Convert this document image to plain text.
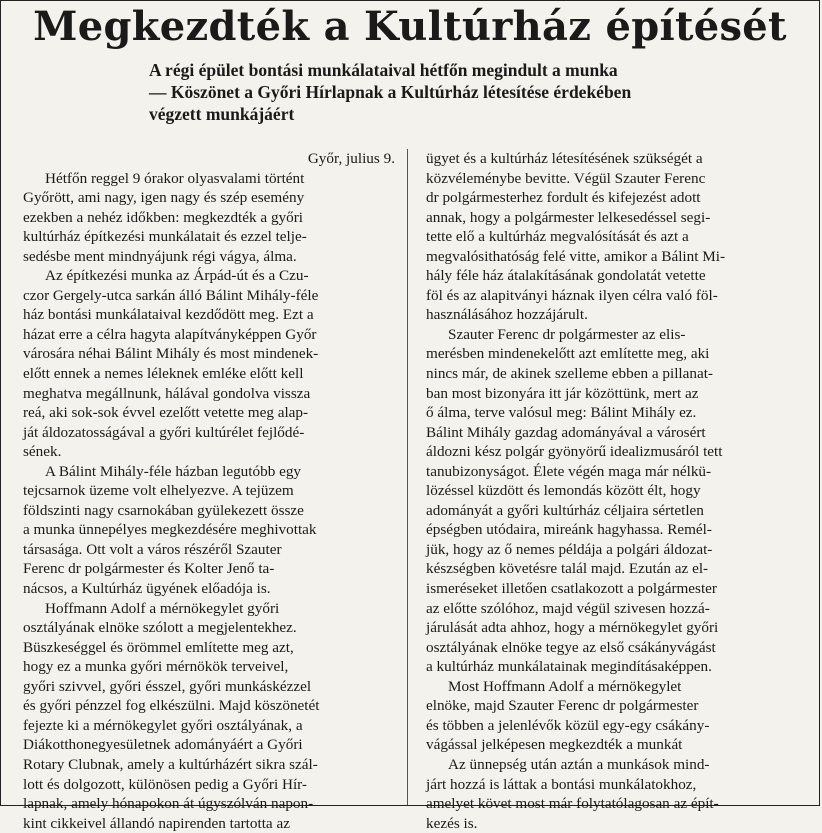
Megkezdték a Kultúrház építését
A régi épület bontási munkálataival hétfőn megindult a munka
— Köszönet a Győri Hírlapnak a Kultúrház létesítése érdekében
végzett munkájáért
Győr, julius 9.
Hétfőn reggel 9 órakor olyasvalami történt
Győrött, ami nagy, igen nagy és szép esemény
ezekben a nehéz időkben: megkezdték a győri
kultúrház építkezési munkálatait és ezzel telje-
sedésbe ment mindnyájunk régi vágya, álma.
Az építkezési munka az Árpád-út és a Czu-
czor Gergely-utca sarkán álló Bálint Mihály-féle
ház bontási munkálataival kezdődött meg. Ezt a
házat erre a célra hagyta alapítványképpen Győr
városára néhai Bálint Mihály és most mindenek-
előtt ennek a nemes léleknek emléke előtt kell
meghatva megállnunk, hálával gondolva vissza
reá, aki sok-sok évvel ezelőtt vetette meg alap-
ját áldozatosságával a győri kultúrélet fejlődé-
sének.
A Bálint Mihály-féle házban legutóbb egy
tejcsarnok üzeme volt elhelyezve. A tejüzem
földszinti nagy csarnokában gyülekezett össze
a munka ünnepélyes megkezdésére meghivottak
társasága. Ott volt a város részéről Szauter
Ferenc dr polgármester és Kolter Jenő ta-
nácsos, a Kultúrház ügyének előadója is.
Hoffmann Adolf a mérnökegylet győri
osztályának elnöke szólott a megjelentekhez.
Büszkeséggel és örömmel említette meg azt,
hogy ez a munka győri mérnökök terveivel,
győri szivvel, győri ésszel, győri munkáskézzel
és győri pénzzel fog elkészülni. Majd köszönetét
fejezte ki a mérnökegylet győri osztályának, a
Diákotthonegyesületnek adományáért a Győri
Rotary Clubnak, amely a kultúrházért sikra szál-
lott és dolgozott, különösen pedig a Győri Hír-
lapnak, amely hónapokon át úgyszólván napon-
kint cikkeivel állandó napirenden tartotta az
ügyet és a kultúrház létesítésének szükségét a
közvéleménybe bevitte. Végül Szauter Ferenc
dr polgármesterhez fordult és kifejezést adott
annak, hogy a polgármester lelkesedéssel segi-
tette elő a kultúrház megvalósítását és azt a
megvalósithatóság felé vitte, amikor a Bálint Mi-
hály féle ház átalakításának gondolatát vetette
föl és az alapitványi háznak ilyen célra való föl-
használásához hozzájárult.
Szauter Ferenc dr polgármester az elis-
merésben mindenekelőtt azt említette meg, aki
nincs már, de akinek szelleme ebben a pillanat-
ban most bizonyára itt jár közöttünk, mert az
ő álma, terve valósul meg: Bálint Mihály ez.
Bálint Mihály gazdag adományával a városért
áldozni kész polgár gyönyörű idealizmusáról tett
tanubizonyságot. Élete végén maga már nélkü-
lözéssel küzdött és lemondás között élt, hogy
adományát a győri kultúrház céljaira sértetlen
épségben utódaira, mireánk hagyhassa. Remél-
jük, hogy az ő nemes példája a polgári áldozat-
készségben követésre talál majd. Ezután az el-
ismeréseket illetően csatlakozott a polgármester
az előtte szólóhoz, majd végül szivesen hozzá-
járulását adta ahhoz, hogy a mérnökegylet győri
osztályának elnöke tegye az első csákányvágást
a kultúrház munkálatainak megindításaképpen.
Most Hoffmann Adolf a mérnökegylet
elnöke, majd Szauter Ferenc dr polgármester
és többen a jelenlévők közül egy-egy csákány-
vágással jelképesen megkezdték a munkát
Az ünnepség után aztán a munkások mind-
járt hozzá is láttak a bontási munkálatokhoz,
amelyet követ most már folytatólagosan az épít-
kezés is.
